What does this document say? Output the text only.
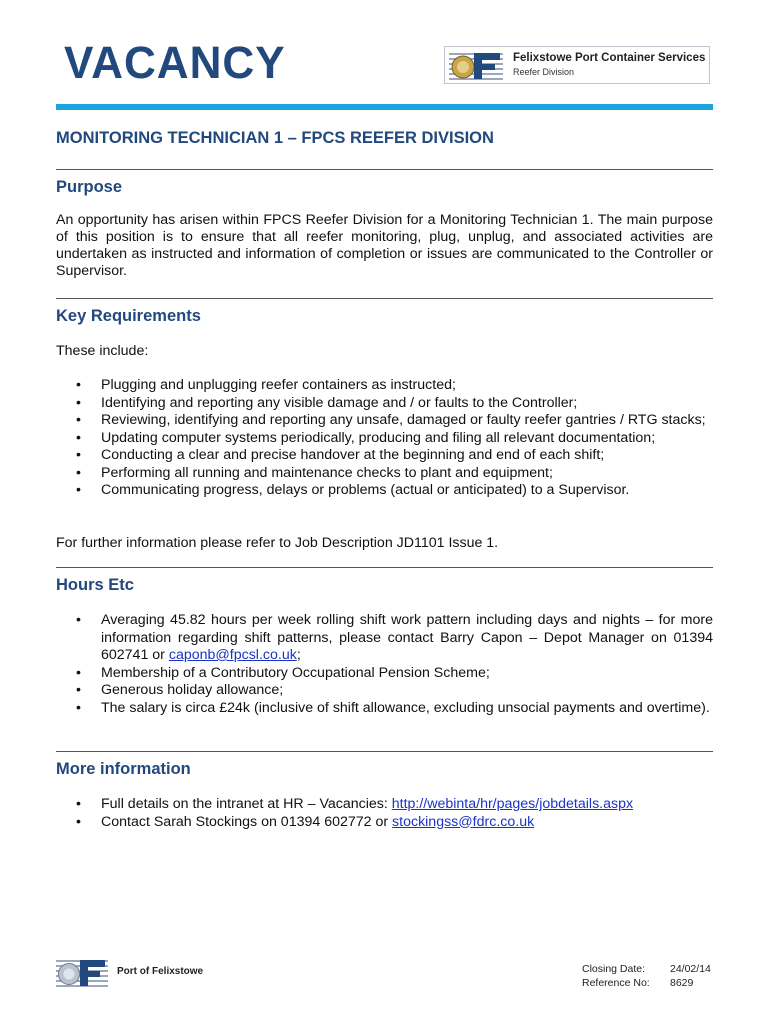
VACANCY	Felixstowe Port Container Services
Reefer Division
MONITORING TECHNICIAN 1 – FPCS REEFER DIVISION
Purpose
An opportunity has arisen within FPCS Reefer Division for a Monitoring Technician 1. The main purpose of this position is to ensure that all reefer monitoring, plug, unplug, and associated activities are undertaken as instructed and information of completion or issues are communicated to the Controller or Supervisor.
Key Requirements
These include:
• Plugging and unplugging reefer containers as instructed;
• Identifying and reporting any visible damage and / or faults to the Controller;
• Reviewing, identifying and reporting any unsafe, damaged or faulty reefer gantries / RTG stacks;
• Updating computer systems periodically, producing and filing all relevant documentation;
• Conducting a clear and precise handover at the beginning and end of each shift;
• Performing all running and maintenance checks to plant and equipment;
• Communicating progress, delays or problems (actual or anticipated) to a Supervisor.
For further information please refer to Job Description JD1101 Issue 1.
Hours Etc
• Averaging 45.82 hours per week rolling shift work pattern including days and nights – for more information regarding shift patterns, please contact Barry Capon – Depot Manager on 01394 602741 or caponb@fpcsl.co.uk;
• Membership of a Contributory Occupational Pension Scheme;
• Generous holiday allowance;
• The salary is circa £24k (inclusive of shift allowance, excluding unsocial payments and overtime).
More information
• Full details on the intranet at HR – Vacancies: http://webinta/hr/pages/jobdetails.aspx
• Contact Sarah Stockings on 01394 602772 or stockingss@fdrc.co.uk
Port of Felixstowe	Closing Date:	24/02/14
Reference No:	8629
